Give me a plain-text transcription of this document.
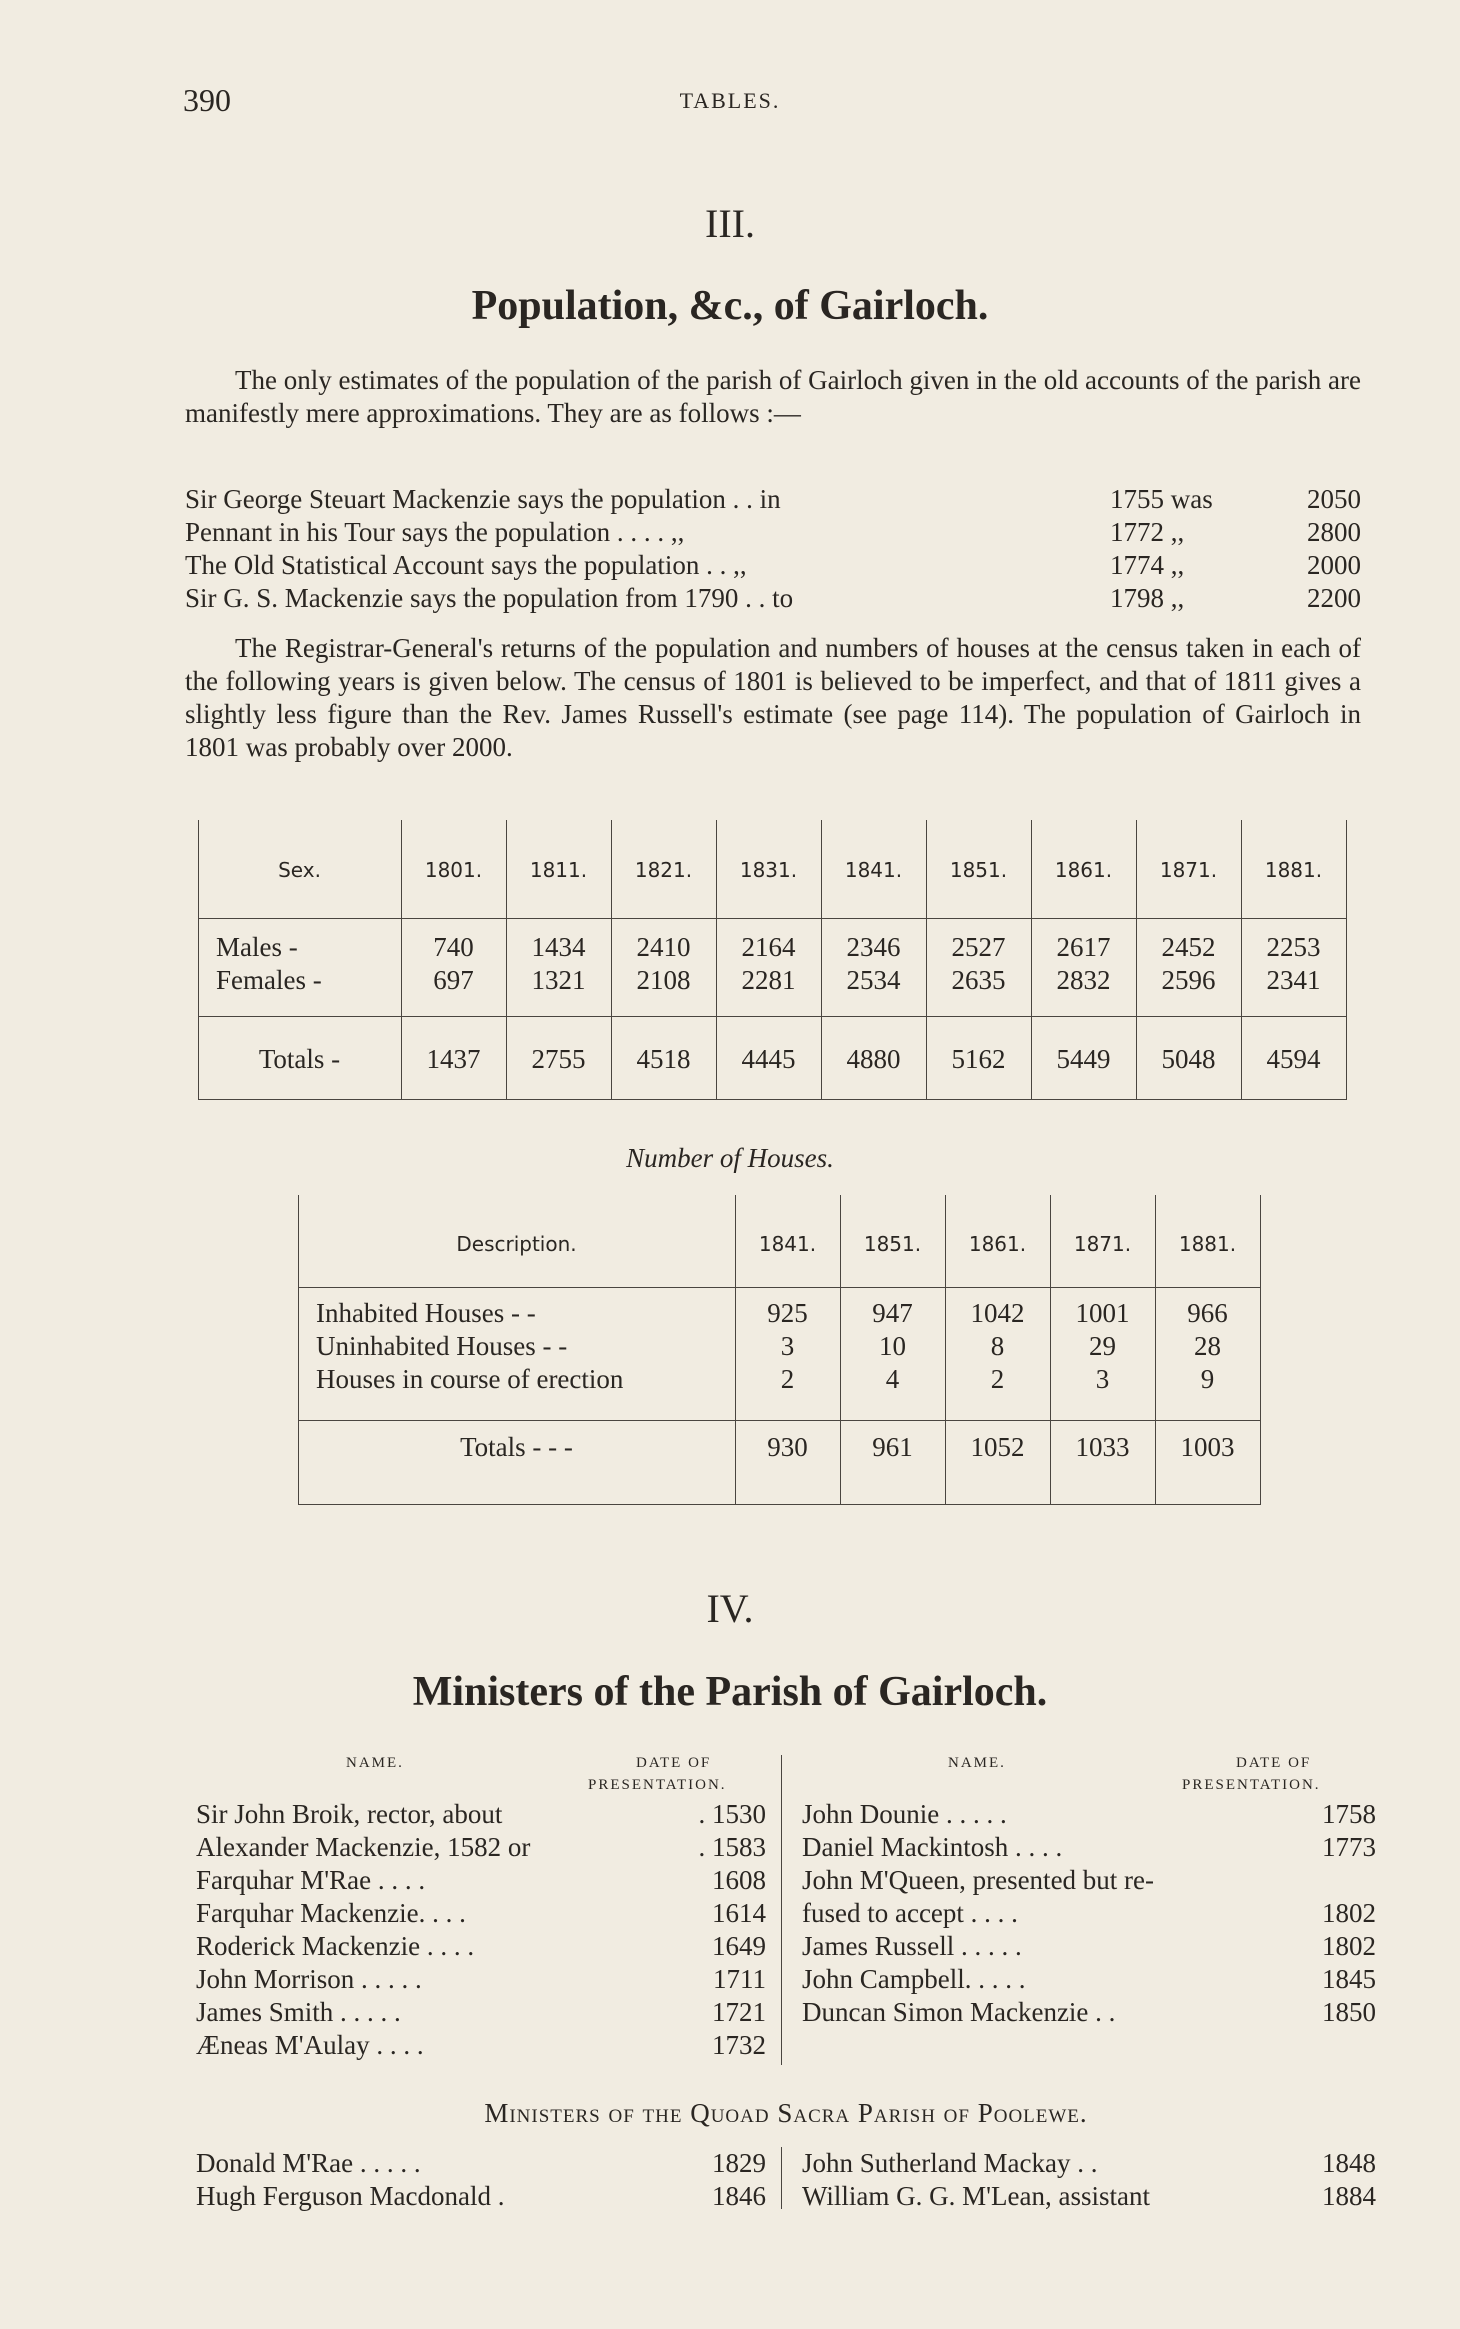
390	TABLES.
III.
Population, &c., of Gairloch.

The only estimates of the population of the parish of Gairloch given in the old accounts of the parish are manifestly mere approximations. They are as follows :—

Sir George Steuart Mackenzie says the population . . in	1755 was	2050
Pennant in his Tour says the population . . . . ,,	1772 ,,	2800
The Old Statistical Account says the population . . ,,	1774 ,,	2000
Sir G. S. Mackenzie says the population from 1790 . . to	1798 ,,	2200

The Registrar-General's returns of the population and numbers of houses at the census taken in each of the following years is given below. The census of 1801 is believed to be imperfect, and that of 1811 gives a slightly less figure than the Rev. James Russell's estimate (see page 114). The population of Gairloch in 1801 was probably over 2000.

Sex.	1801.	1811.	1821.	1831.	1841.	1851.	1861.	1871.	1881.
Males -	740	1434	2410	2164	2346	2527	2617	2452	2253
Females -	697	1321	2108	2281	2534	2635	2832	2596	2341
Totals -	1437	2755	4518	4445	4880	5162	5449	5048	4594
Number of Houses.
Description.	1841.	1851.	1861.	1871.	1881.
Inhabited Houses - -	925	947	1042	1001	966
Uninhabited Houses - -	3	10	8	29	28
Houses in course of erection	2	4	2	3	9
Totals - - -	930	961	1052	1033	1003
IV.
Ministers of the Parish of Gairloch.
NAME.	DATE OF
PRESENTATION.
NAME.	DATE OF
PRESENTATION.
Sir John Broik, rector, about	. 1530
Alexander Mackenzie, 1582 or	. 1583
Farquhar M'Rae . . . .	1608
Farquhar Mackenzie. . . .	1614
Roderick Mackenzie . . . .	1649
John Morrison . . . . .	1711
James Smith . . . . .	1721
Æneas M'Aulay . . . .	1732
John Dounie . . . . .	1758
Daniel Mackintosh . . . .	1773
John M'Queen, presented but re-
fused to accept . . . .	1802
James Russell . . . . .	1802
John Campbell. . . . .	1845
Duncan Simon Mackenzie . .	1850
Ministers of the Quoad Sacra Parish of Poolewe.
Donald M'Rae . . . . .	1829
Hugh Ferguson Macdonald .	1846
John Sutherland Mackay . .	1848
William G. G. M'Lean, assistant	1884
